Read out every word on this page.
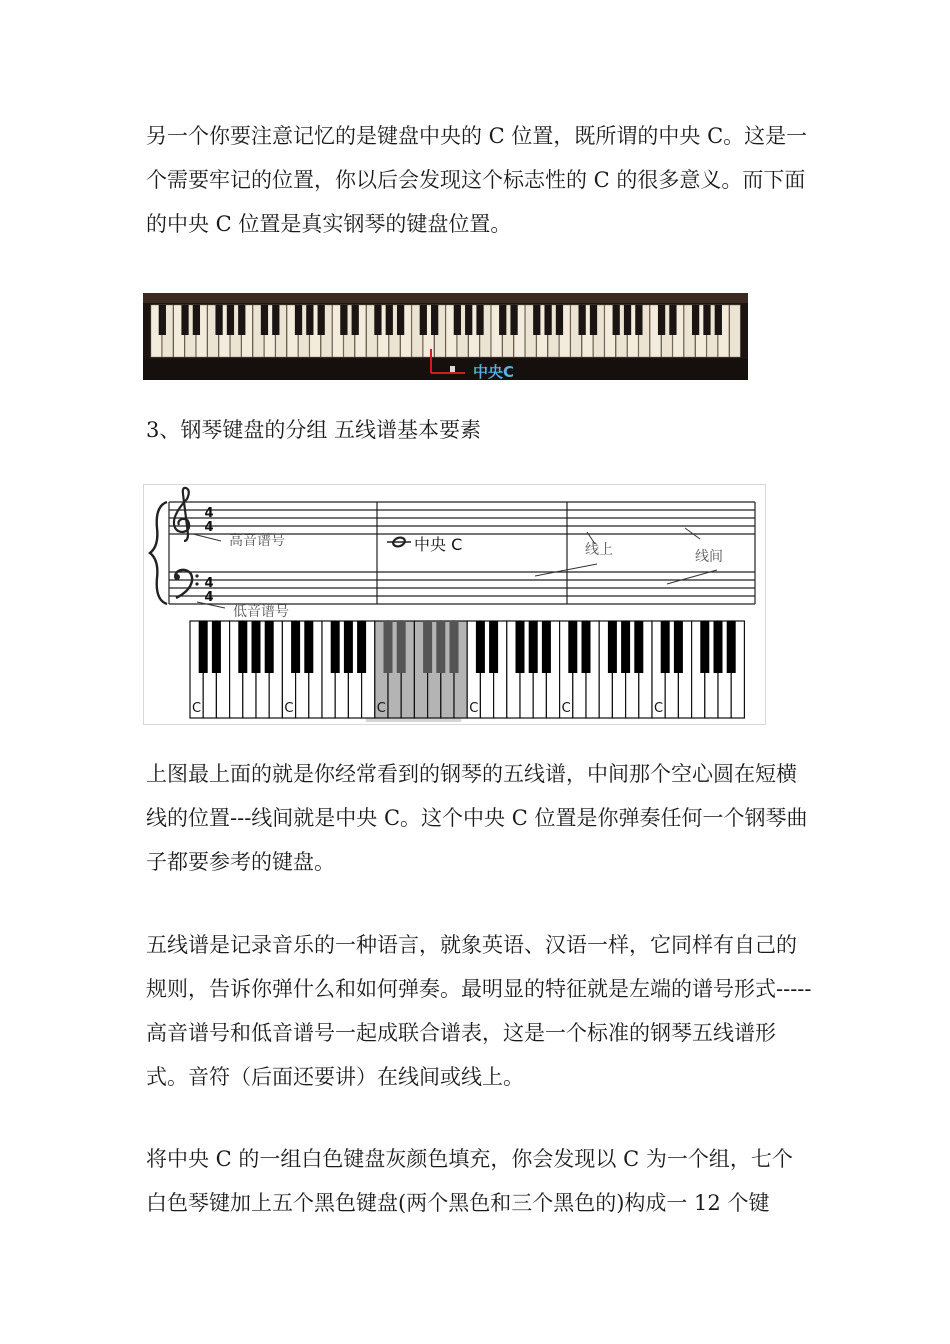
另一个你要注意记忆的是键盘中央的 C 位置，既所谓的中央 C。这是一个需要牢记的位置，你以后会发现这个标志性的 C 的很多意义。而下面的中央 C 位置是真实钢琴的键盘位置。

中央C

3、钢琴键盘的分组 五线谱基本要素

4
4
4
4
高音谱号
低音谱号
中央 C	线上	线间
C	C	C	C	C	C

上图最上面的就是你经常看到的钢琴的五线谱，中间那个空心圆在短横线的位置---线间就是中央 C。这个中央 C 位置是你弹奏任何一个钢琴曲子都要参考的键盘。

五线谱是记录音乐的一种语言，就象英语、汉语一样，它同样有自己的规则，告诉你弹什么和如何弹奏。最明显的特征就是左端的谱号形式-----高音谱号和低音谱号一起成联合谱表，这是一个标准的钢琴五线谱形式。音符（后面还要讲）在线间或线上。

将中央 C 的一组白色键盘灰颜色填充，你会发现以 C 为一个组，七个白色琴键加上五个黑色键盘(两个黑色和三个黑色的)构成一 12 个键
